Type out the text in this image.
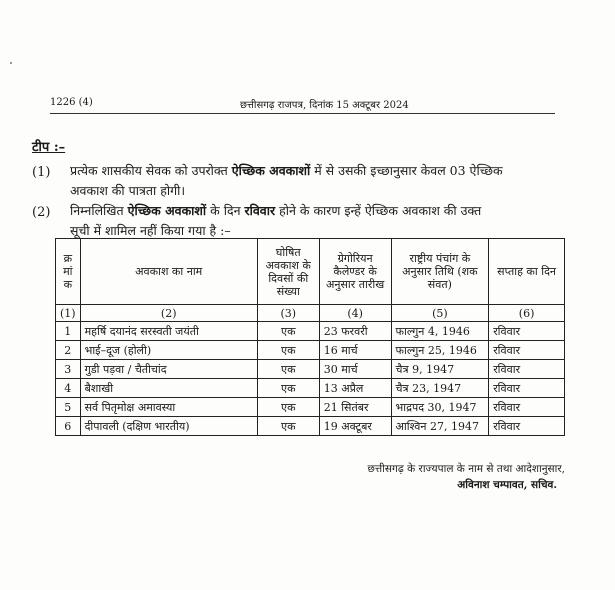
1226 (4)	छत्तीसगढ़ राजपत्र, दिनांक 15 अक्टूबर 2024
टीप :–
(1) प्रत्येक शासकीय सेवक को उपरोक्त ऐच्छिक अवकाशों में से उसकी इच्छानुसार केवल 03 ऐच्छिक
अवकाश की पात्रता होगी।
(2) निम्नलिखित ऐच्छिक अवकाशों के दिन रविवार होने के कारण इन्हें ऐच्छिक अवकाश की उक्त
सूची में शामिल नहीं किया गया है :–
क्र मां क	अवकाश का नाम	घोषित अवकाश के दिवसों की संख्या	ग्रेगोरियन कैलेण्डर के अनुसार तारीख	राष्ट्रीय पंचांग के अनुसार तिथि (शक संवत)	सप्ताह का दिन
(1)	(2)	(3)	(4)	(5)	(6)
1	महर्षि दयानंद सरस्वती जयंती	एक	23 फरवरी	फाल्गुन 4, 1946	रविवार
2	भाई–दूज (होली)	एक	16 मार्च	फाल्गुन 25, 1946	रविवार
3	गुडी पड़वा / चैतीचांद	एक	30 मार्च	चैत्र 9, 1947	रविवार
4	बैशाखी	एक	13 अप्रैल	चैत्र 23, 1947	रविवार
5	सर्व पितृमोक्ष अमावस्या	एक	21 सितंबर	भाद्रपद 30, 1947	रविवार
6	दीपावली (दक्षिण भारतीय)	एक	19 अक्टूबर	आश्विन 27, 1947	रविवार
छत्तीसगढ़ के राज्यपाल के नाम से तथा आदेशानुसार,
अविनाश चम्पावत, सचिव.
